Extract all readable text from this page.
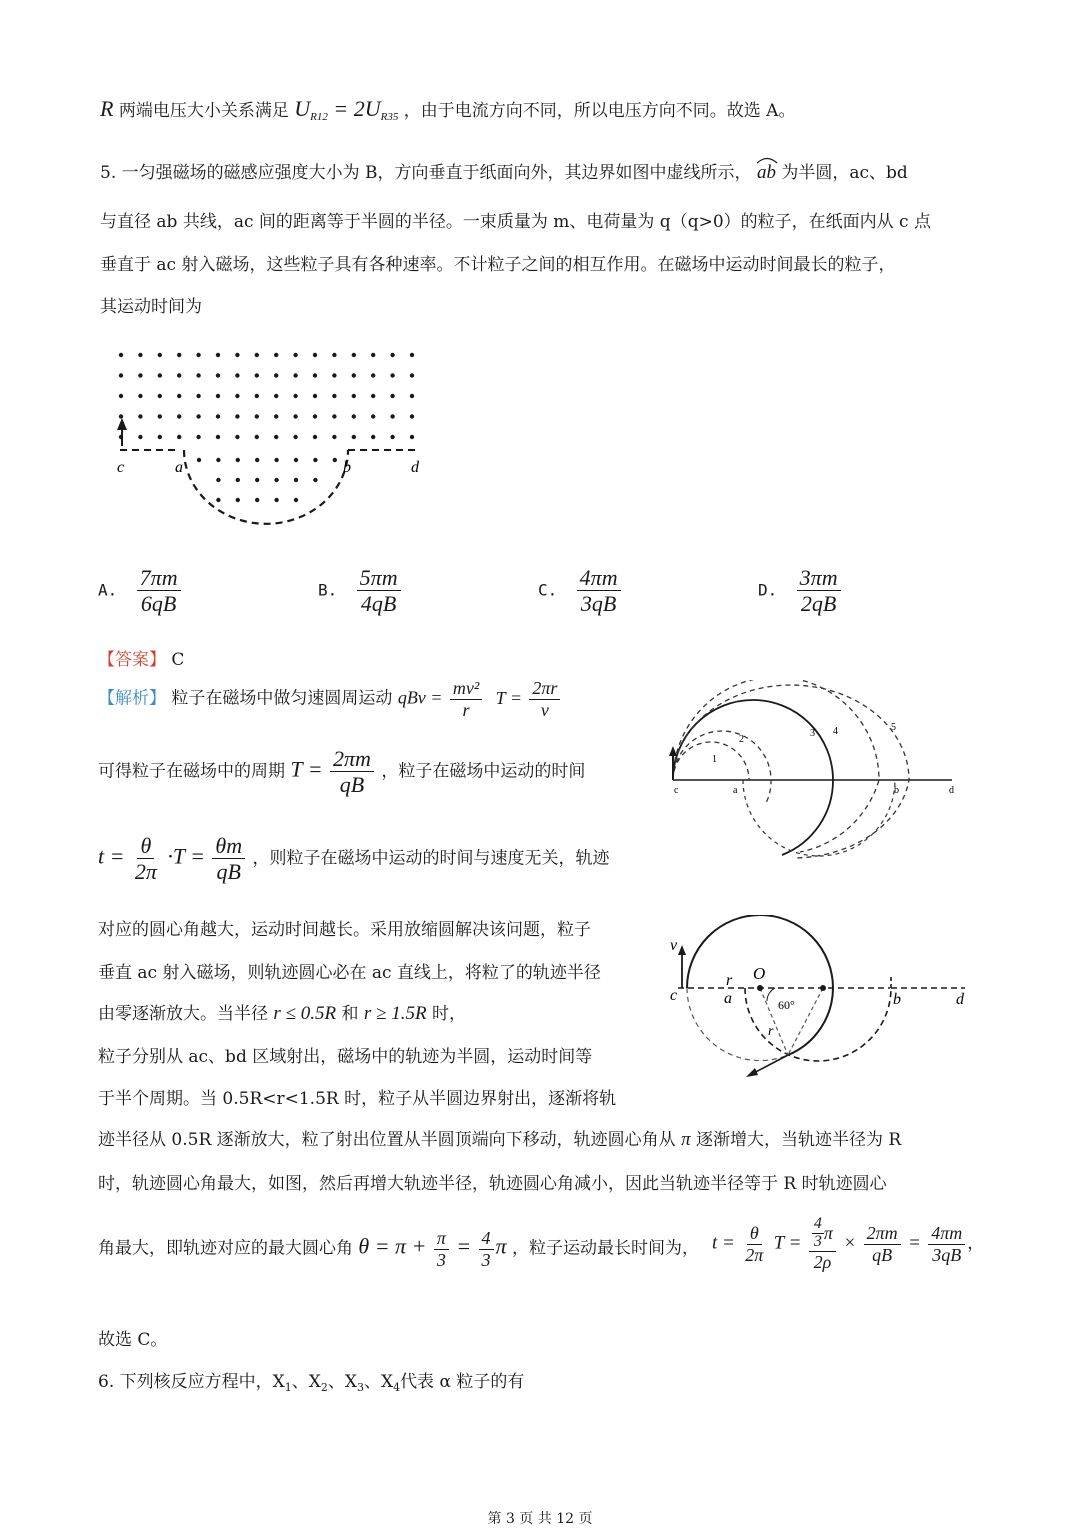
R 两端电压大小关系满足 $U_{R12} = 2U_{R35}$ ，由于电流方向不同，所以电压方向不同。故选 A。
5. 一匀强磁场的磁感应强度大小为 B，方向垂直于纸面向外，其边界如图中虚线所示， ab 为半圆，ac、bd
与直径 ab 共线，ac 间的距离等于半圆的半径。一束质量为 m、电荷量为 q（q>0）的粒子，在纸面内从 c 点
垂直于 ac 射入磁场，这些粒子具有各种速率。不计粒子之间的相互作用。在磁场中运动时间最长的粒子，
其运动时间为
c	a	b	d
A. $\frac{7\pi m}{6qB}$	B. $\frac{5\pi m}{4qB}$	C. $\frac{4\pi m}{3qB}$	D. $\frac{3\pi m}{2qB}$
【答案】 C
【解析】 粒子在磁场中做匀速圆周运动 qBv = $\frac{\text{mv²}}{r}$ $T = \frac{2\pi r}{v}$
可得粒子在磁场中的周期 $T = \frac{2\pi m}{qB}$ ，粒子在磁场中运动的时间
$t = \frac{\theta}{2\pi} \cdot T = \frac{\theta m}{qB}$ ，则粒子在磁场中运动的时间与速度无关，轨迹
对应的圆心角越大，运动时间越长。采用放缩圆解决该问题，粒子
垂直 ac 射入磁场，则轨迹圆心必在 ac 直线上，将粒了的轨迹半径
由零逐渐放大。当半径 r ≤ 0.5R 和 r ≥ 1.5R 时，
粒子分别从 ac、bd 区域射出，磁场中的轨迹为半圆，运动时间等
于半个周期。当 0.5R<r<1.5R 时，粒子从半圆边界射出，逐渐将轨
迹半径从 0.5R 逐渐放大，粒了射出位置从半圆顶端向下移动，轨迹圆心角从 π 逐渐增大，当轨迹半径为 R
时，轨迹圆心角最大，如图，然后再增大轨迹半径，轨迹圆心角减小，因此当轨迹半径等于 R 时轨迹圆心
角最大，即轨迹对应的最大圆心角 $\theta = \pi + \frac{\pi}{3} = \frac{4}{3}$ π ，粒子运动最长时间为， $t = \frac{\theta}{2\pi}$ T = 4
3 π
$2\rho \times \frac{2\pi m}{qB} = \frac{4\pi m}{3qB}$ ，
故选 C。
6. 下列核反应方程中，$X_1$、$X_2$、$X_3$、$X_4$代表 α 粒子的有
c	a	b	d
1
2
3 4	5
v
r O
c	a	60°	b	d
r
第 3 页 共 12 页
